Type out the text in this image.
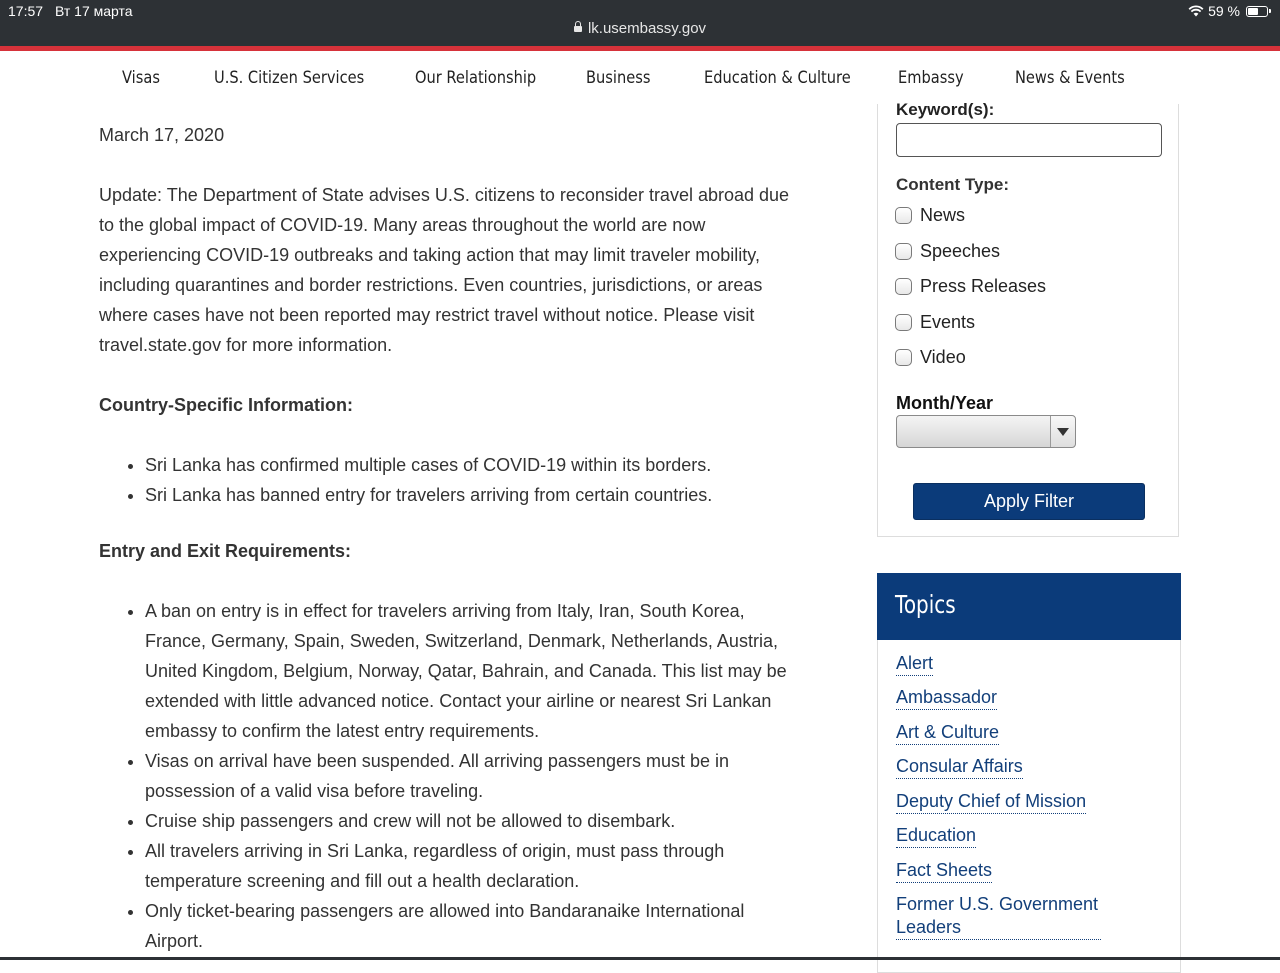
17:57 Вт 17 марта	59 %
lk.usembassy.gov
Visas	U.S. Citizen Services	Our Relationship	Business	Education & Culture	Embassy	News & Events

March 17, 2020

Update: The Department of State advises U.S. citizens to reconsider travel abroad due to the global impact of COVID-19. Many areas throughout the world are now experiencing COVID-19 outbreaks and taking action that may limit traveler mobility, including quarantines and border restrictions. Even countries, jurisdictions, or areas where cases have not been reported may restrict travel without notice. Please visit travel.state.gov for more information.

Country-Specific Information:

• Sri Lanka has confirmed multiple cases of COVID-19 within its borders.
• Sri Lanka has banned entry for travelers arriving from certain countries.

Entry and Exit Requirements:

• A ban on entry is in effect for travelers arriving from Italy, Iran, South Korea, France, Germany, Spain, Sweden, Switzerland, Denmark, Netherlands, Austria, United Kingdom, Belgium, Norway, Qatar, Bahrain, and Canada. This list may be extended with little advanced notice. Contact your airline or nearest Sri Lankan embassy to confirm the latest entry requirements.
• Visas on arrival have been suspended. All arriving passengers must be in possession of a valid visa before traveling.
• Cruise ship passengers and crew will not be allowed to disembark.
• All travelers arriving in Sri Lanka, regardless of origin, must pass through temperature screening and fill out a health declaration.
• Only ticket-bearing passengers are allowed into Bandaranaike International Airport.
Keyword(s):
Content Type:
News
Speeches
Press Releases
Events
Video
Month/Year
Apply Filter
Topics
Alert
Ambassador
Art & Culture
Consular Affairs
Deputy Chief of Mission
Education
Fact Sheets
Former U.S. Government Leaders
